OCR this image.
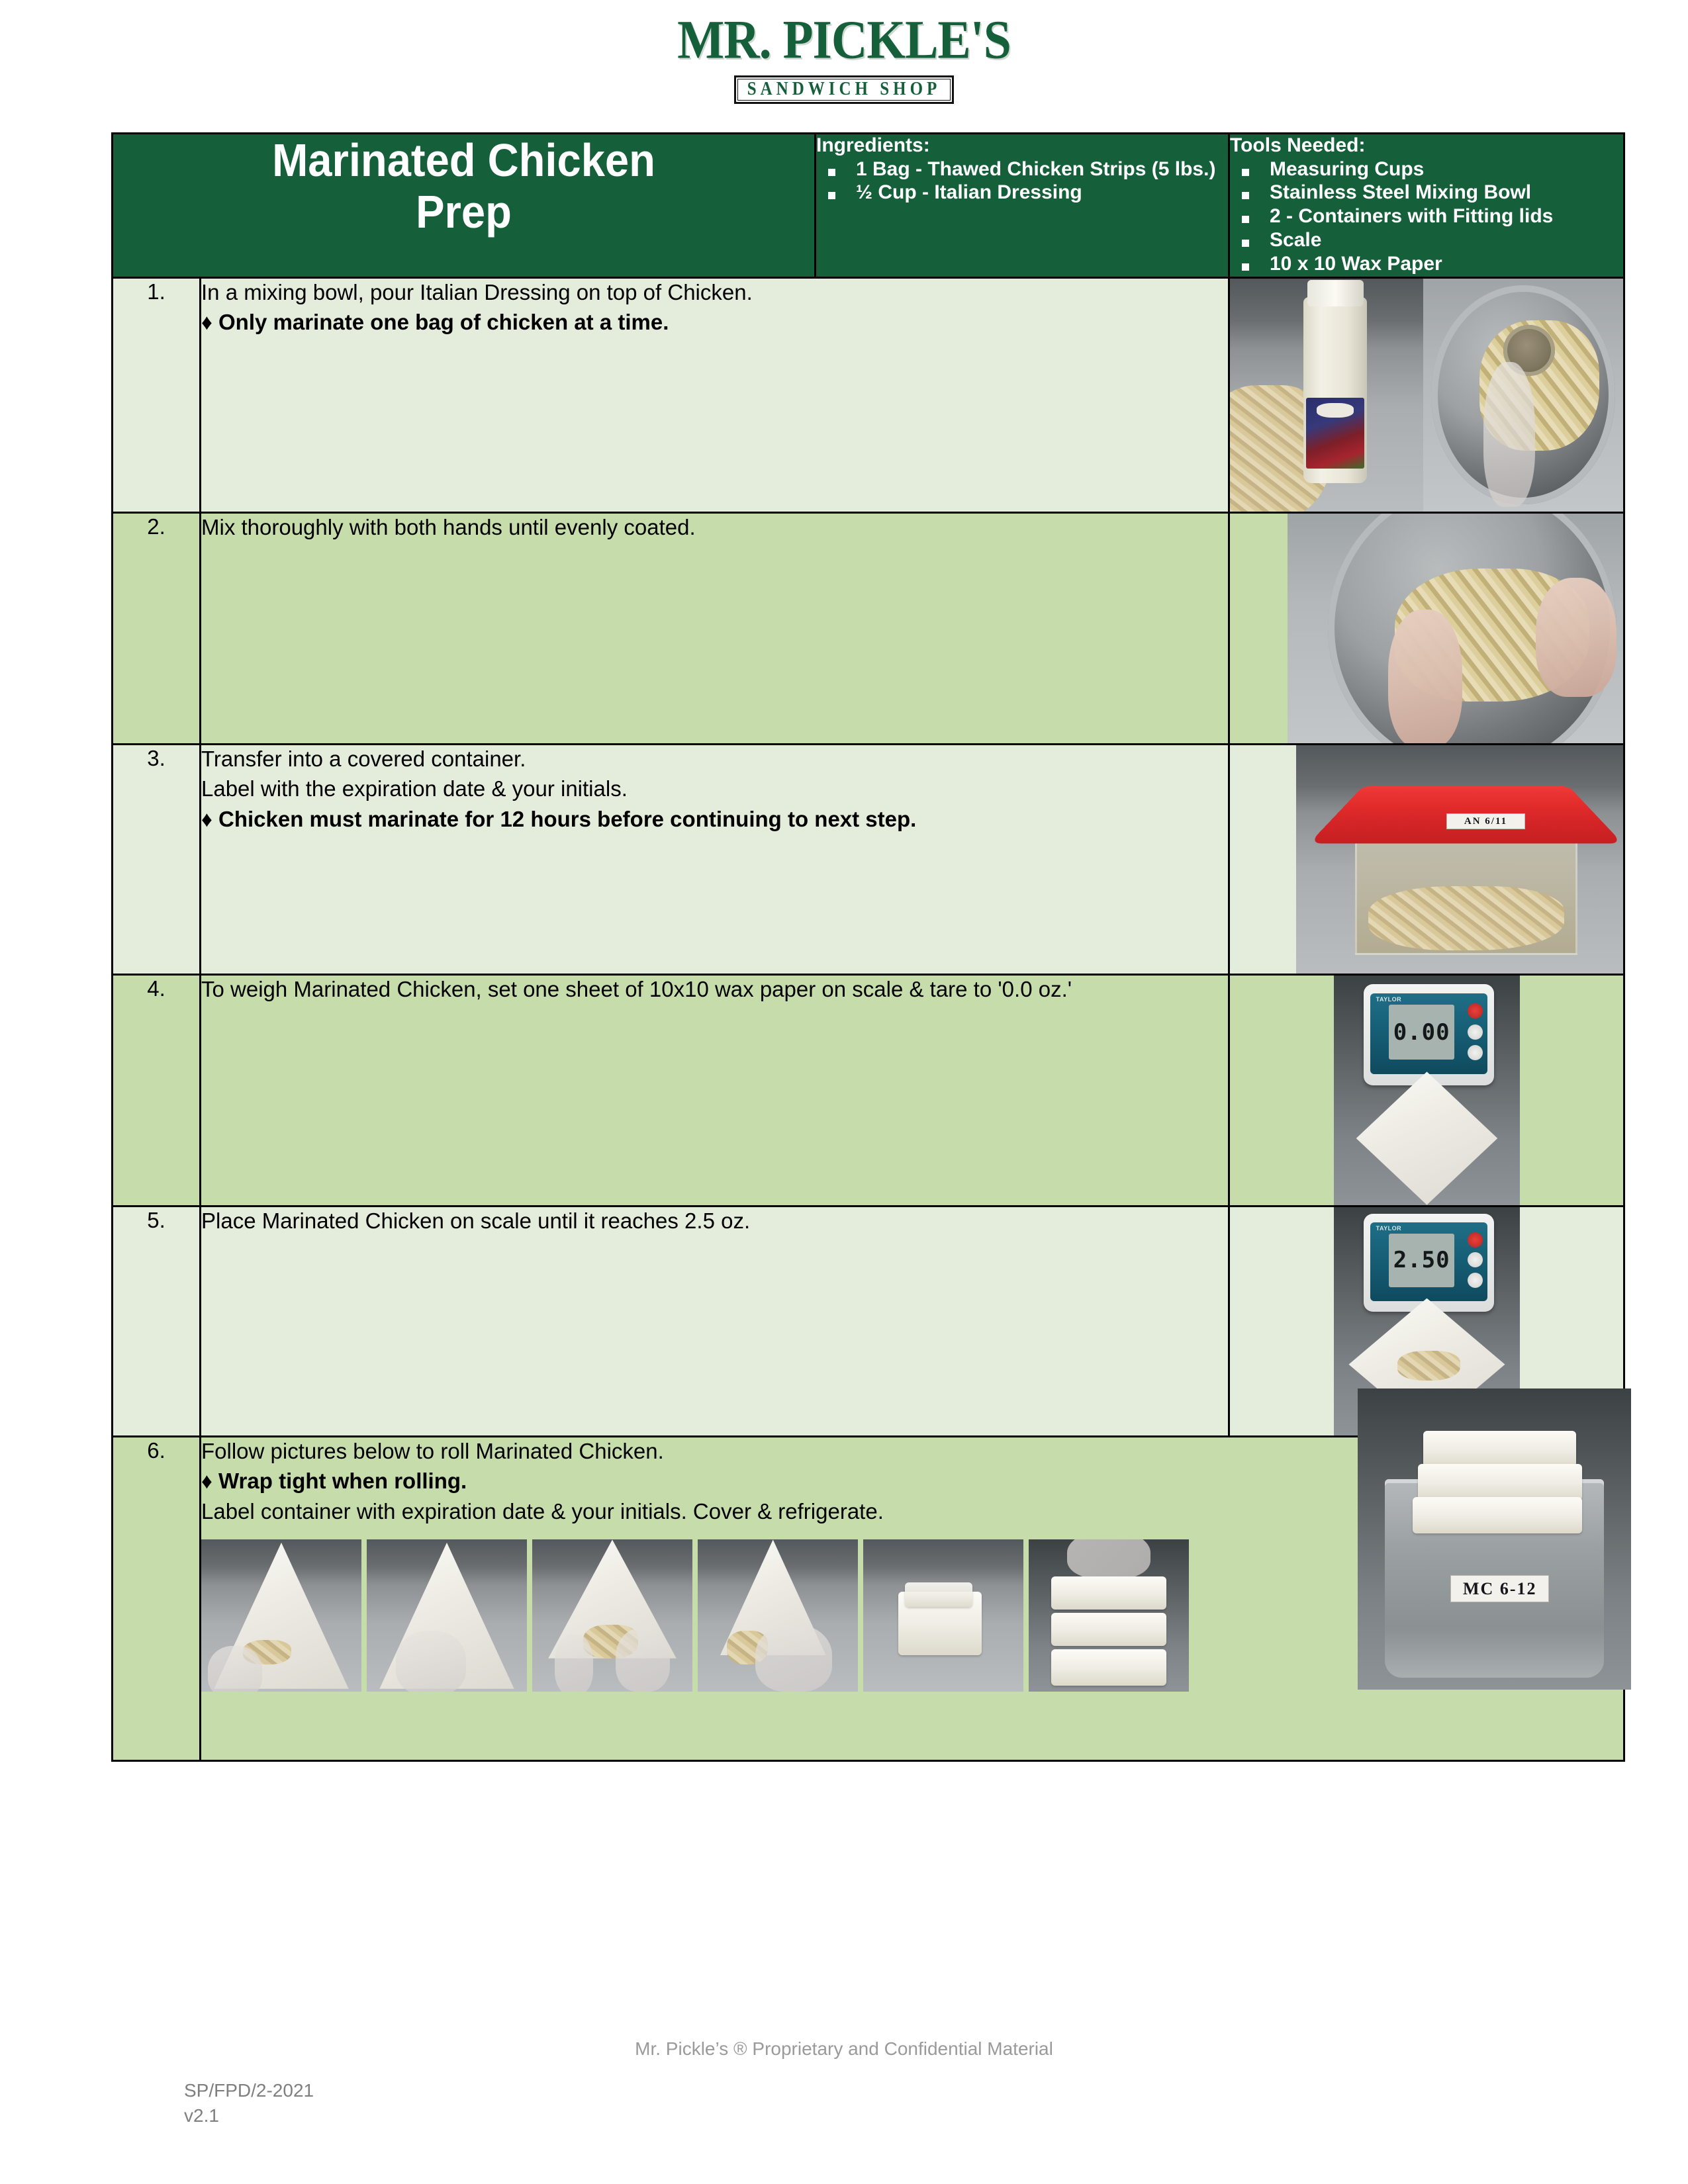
MR. PICKLE'S
SANDWICH SHOP
Marinated Chicken
Prep

Ingredients:
1 Bag - Thawed Chicken Strips (5 lbs.)
½ Cup - Italian Dressing

Tools Needed:
Measuring Cups
Stainless Steel Mixing Bowl
2 - Containers with Fitting lids
Scale
10 x 10 Wax Paper

1.	In a mixing bowl, pour Italian Dressing on top of Chicken.

♦ Only marinate one bag of chicken at a time.		

2.	Mix thoroughly with both hands until evenly coated.		

3.	Transfer into a covered container.

Label with the expiration date & your initials.

♦ Chicken must marinate for 12 hours before continuing to next step.		AN 6/11

4.	To weigh Marinated Chicken, set one sheet of 10x10 wax paper on scale & tare to '0.0 oz.'		TAYLOR
0.00

5.	Place Marinated Chicken on scale until it reaches 2.5 oz.		TAYLOR
2.50

6.	Follow pictures below to roll Marinated Chicken.

♦ Wrap tight when rolling.

Label container with expiration date & your initials. Cover & refrigerate.

MC 6-12		
Mr. Pickle’s ® Proprietary and Confidential Material
SP/FPD/2-2021
v2.1
